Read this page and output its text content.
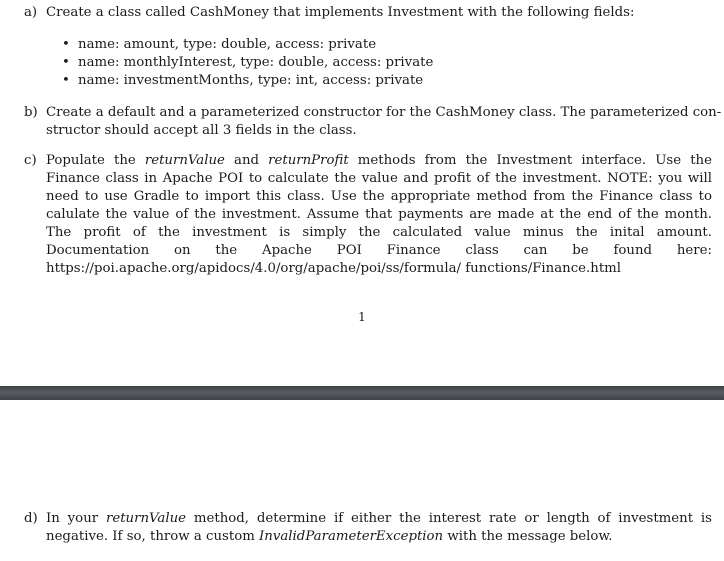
a) Create a class called CashMoney that implements Investment with the following fields:
• name: amount, type: double, access: private
• name: monthlyInterest, type: double, access: private
• name: investmentMonths, type: int, access: private
b) Create a default and a parameterized constructor for the CashMoney class. The parameterized con-
structor should accept all 3 fields in the class.
c) Populate the returnValue and returnProfit methods from the Investment interface. Use the Finance class in Apache POI to calculate the value and profit of the investment. NOTE: you will need to use Gradle to import this class. Use the appropriate method from the Finance class to calulate the value of the investment. Assume that payments are made at the end of the month. The profit of the investment is simply the calculated value minus the inital amount. Documentation on the Apache POI Finance class can be found here: https://poi.apache.org/apidocs/4.0/org/apache/poi/ss/formula/ functions/Finance.html
1
d) In your returnValue method, determine if either the interest rate or length of investment is negative. If so, throw a custom InvalidParameterException with the message below.
